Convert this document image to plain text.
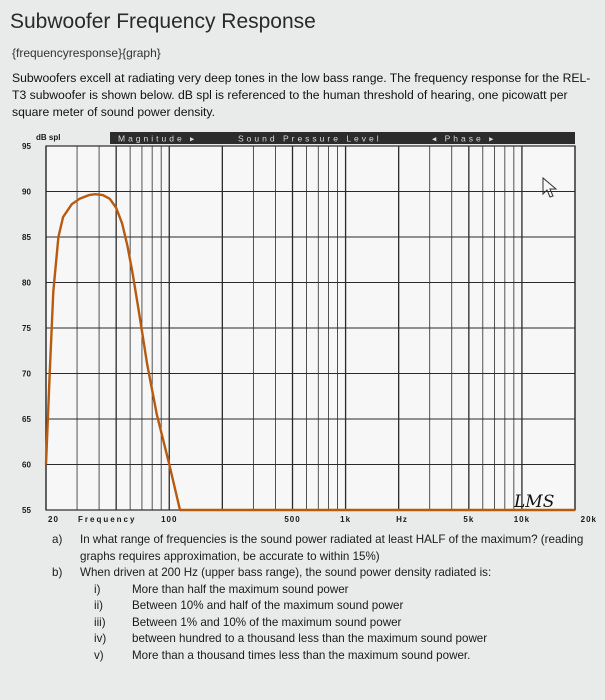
Subwoofer Frequency Response
{frequencyresponse}{graph}
Subwoofers excell at radiating very deep tones in the low bass range. The frequency response for the REL-T3 subwoofer is shown below. dB spl is referenced to the human threshold of hearing, one picowatt per square meter of sound power density.
Magnitude ▸	Sound Pressure Level	◂ Phase ▸
95
90
85
80
75
70
65
60
55
dB spl
20	100	500	1k	5k	10k	20k
Frequency	Hz
LMS
a)	In what range of frequencies is the sound power radiated at least HALF of the maximum? (reading graphs requires approximation, be accurate to within 15%)
b)	When driven at 200 Hz (upper bass range), the sound power density radiated is:
i)	More than half the maximum sound power
ii)	Between 10% and half of the maximum sound power
iii)	Between 1% and 10% of the maximum sound power
iv)	between hundred to a thousand less than the maximum sound power
v)	More than a thousand times less than the maximum sound power.
